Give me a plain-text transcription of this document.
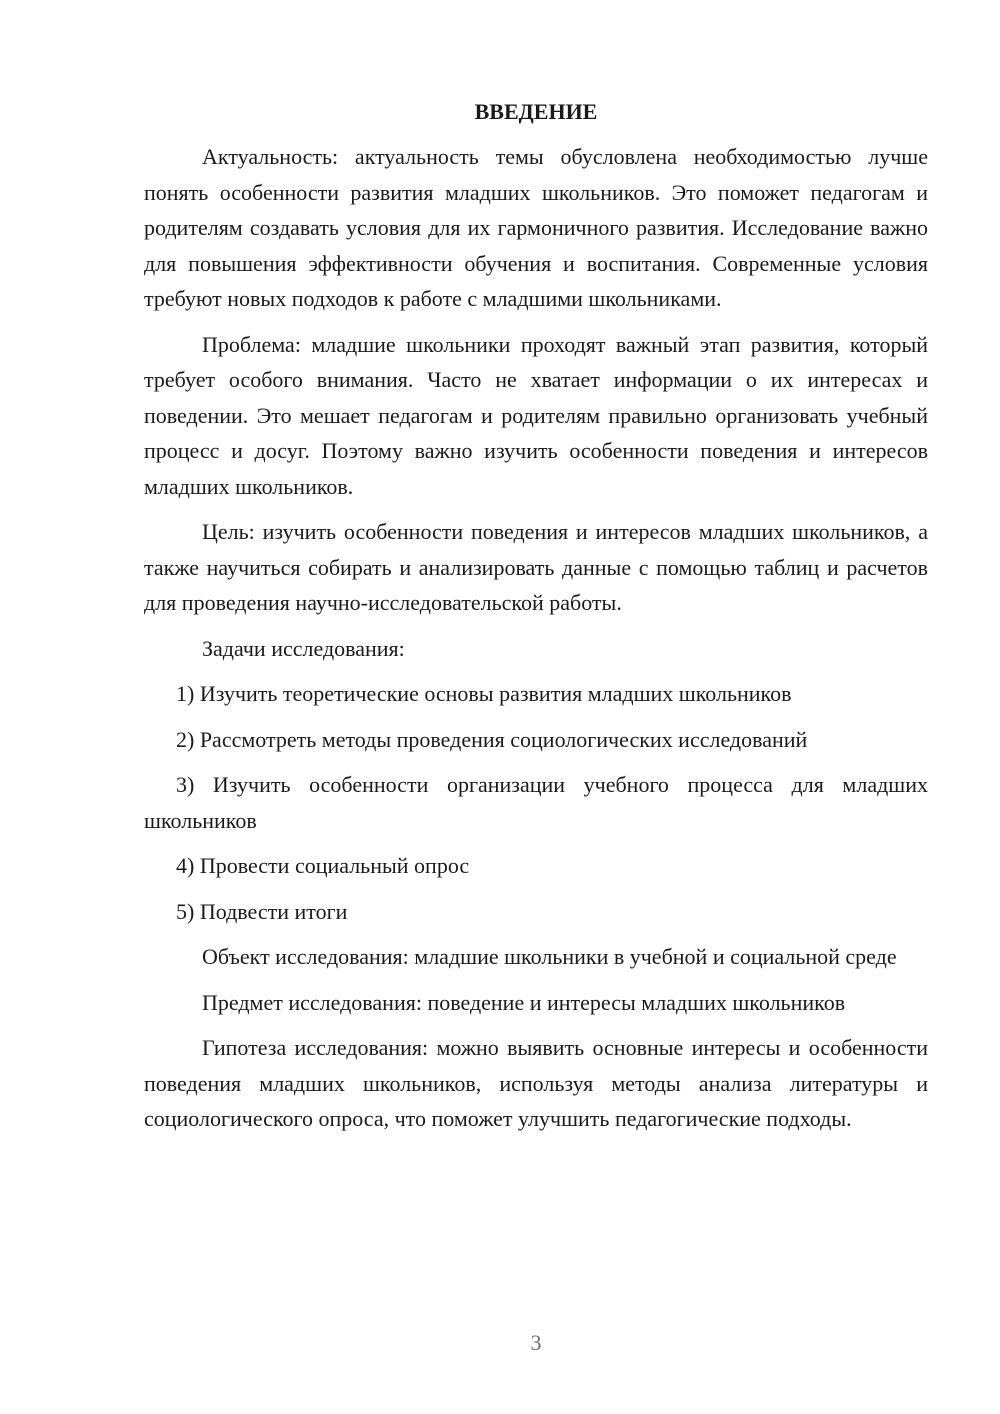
ВВЕДЕНИЕ

Актуальность: актуальность темы обусловлена необходимостью лучше понять особенности развития младших школьников. Это поможет педагогам и родителям создавать условия для их гармоничного развития. Исследование важно для повышения эффективности обучения и воспитания. Современные условия требуют новых подходов к работе с младшими школьниками.

Проблема: младшие школьники проходят важный этап развития, который требует особого внимания. Часто не хватает информации о их интересах и поведении. Это мешает педагогам и родителям правильно организовать учебный процесс и досуг. Поэтому важно изучить особенности поведения и интересов младших школьников.

Цель: изучить особенности поведения и интересов младших школьников, а также научиться собирать и анализировать данные с помощью таблиц и расчетов для проведения научно-исследовательской работы.

Задачи исследования:

1) Изучить теоретические основы развития младших школьников

2) Рассмотреть методы проведения социологических исследований

3) Изучить особенности организации учебного процесса для младших школьников

4) Провести социальный опрос

5) Подвести итоги

Объект исследования: младшие школьники в учебной и социальной среде

Предмет исследования: поведение и интересы младших школьников

Гипотеза исследования: можно выявить основные интересы и особенности поведения младших школьников, используя методы анализа литературы и социологического опроса, что поможет улучшить педагогические подходы.

3
